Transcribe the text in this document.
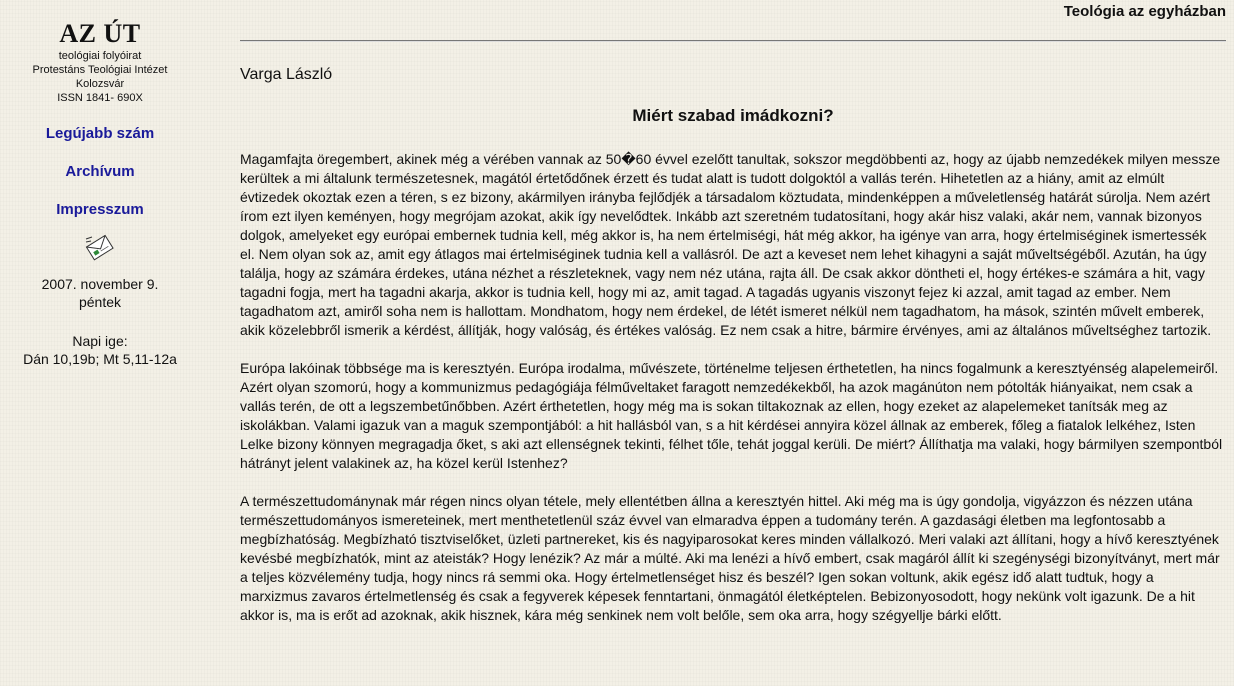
Teológia az egyházban
AZ ÚT
teológiai folyóirat
Protestáns Teológiai Intézet
Kolozsvár
ISSN 1841- 690X
Legújabb szám
Archívum
Impresszum
2007. november 9.
péntek
Napi ige:
Dán 10,19b; Mt 5,11-12a
Varga László
Miért szabad imádkozni?

Magamfajta öregembert, akinek még a vérében vannak az 50�60 évvel ezelőtt tanultak, sokszor megdöbbenti az, hogy az újabb nemzedékek milyen messze kerültek a mi általunk természetesnek, magától értetődőnek érzett és tudat alatt is tudott dolgoktól a vallás terén. Hihetetlen az a hiány, amit az elmúlt évtizedek okoztak ezen a téren, s ez bizony, akármilyen irányba fejlődjék a társadalom köztudata, mindenképpen a műveletlenség határát súrolja. Nem azért írom ezt ilyen keményen, hogy megrójam azokat, akik így nevelődtek. Inkább azt szeretném tudatosítani, hogy akár hisz valaki, akár nem, vannak bizonyos dolgok, amelyeket egy európai embernek tudnia kell, még akkor is, ha nem értelmiségi, hát még akkor, ha igénye van arra, hogy értelmiséginek ismertessék el. Nem olyan sok az, amit egy átlagos mai értelmiséginek tudnia kell a vallásról. De azt a keveset nem lehet kihagyni a saját műveltségéből. Azután, ha úgy találja, hogy az számára érdekes, utána nézhet a részleteknek, vagy nem néz utána, rajta áll. De csak akkor döntheti el, hogy értékes-e számára a hit, vagy tagadni fogja, mert ha tagadni akarja, akkor is tudnia kell, hogy mi az, amit tagad. A tagadás ugyanis viszonyt fejez ki azzal, amit tagad az ember. Nem tagadhatom azt, amiről soha nem is hallottam. Mondhatom, hogy nem érdekel, de létét ismeret nélkül nem tagadhatom, ha mások, szintén művelt emberek, akik közelebbről ismerik a kérdést, állítják, hogy valóság, és értékes valóság. Ez nem csak a hitre, bármire érvényes, ami az általános műveltséghez tartozik.

Európa lakóinak többsége ma is keresztyén. Európa irodalma, művészete, történelme teljesen érthetetlen, ha nincs fogalmunk a keresztyénség alapelemeiről. Azért olyan szomorú, hogy a kommunizmus pedagógiája félműveltaket faragott nemzedékekből, ha azok magánúton nem pótolták hiányaikat, nem csak a vallás terén, de ott a legszembetűnőbben. Azért érthetetlen, hogy még ma is sokan tiltakoznak az ellen, hogy ezeket az alapelemeket tanítsák meg az iskolákban. Valami igazuk van a maguk szempontjából: a hit hallásból van, s a hit kérdései annyira közel állnak az emberek, főleg a fiatalok lelkéhez, Isten Lelke bizony könnyen megragadja őket, s aki azt ellenségnek tekinti, félhet tőle, tehát joggal kerüli. De miért? Állíthatja ma valaki, hogy bármilyen szempontból hátrányt jelent valakinek az, ha közel kerül Istenhez?

A természettudománynak már régen nincs olyan tétele, mely ellentétben állna a keresztyén hittel. Aki még ma is úgy gondolja, vigyázzon és nézzen utána természettudományos ismereteinek, mert menthetetlenül száz évvel van elmaradva éppen a tudomány terén. A gazdasági életben ma legfontosabb a megbízhatóság. Megbízható tisztviselőket, üzleti partnereket, kis és nagyiparosokat keres minden vállalkozó. Meri valaki azt állítani, hogy a hívő keresztyének kevésbé megbízhatók, mint az ateisták? Hogy lenézik? Az már a múlté. Aki ma lenézi a hívő embert, csak magáról állít ki szegénységi bizonyítványt, mert már a teljes közvélemény tudja, hogy nincs rá semmi oka. Hogy értelmetlenséget hisz és beszél? Igen sokan voltunk, akik egész idő alatt tudtuk, hogy a marxizmus zavaros értelmetlenség és csak a fegyverek képesek fenntartani, önmagától életképtelen. Bebizonyosodott, hogy nekünk volt igazunk. De a hit akkor is, ma is erőt ad azoknak, akik hisznek, kára még senkinek nem volt belőle, sem oka arra, hogy szégyellje bárki előtt.
